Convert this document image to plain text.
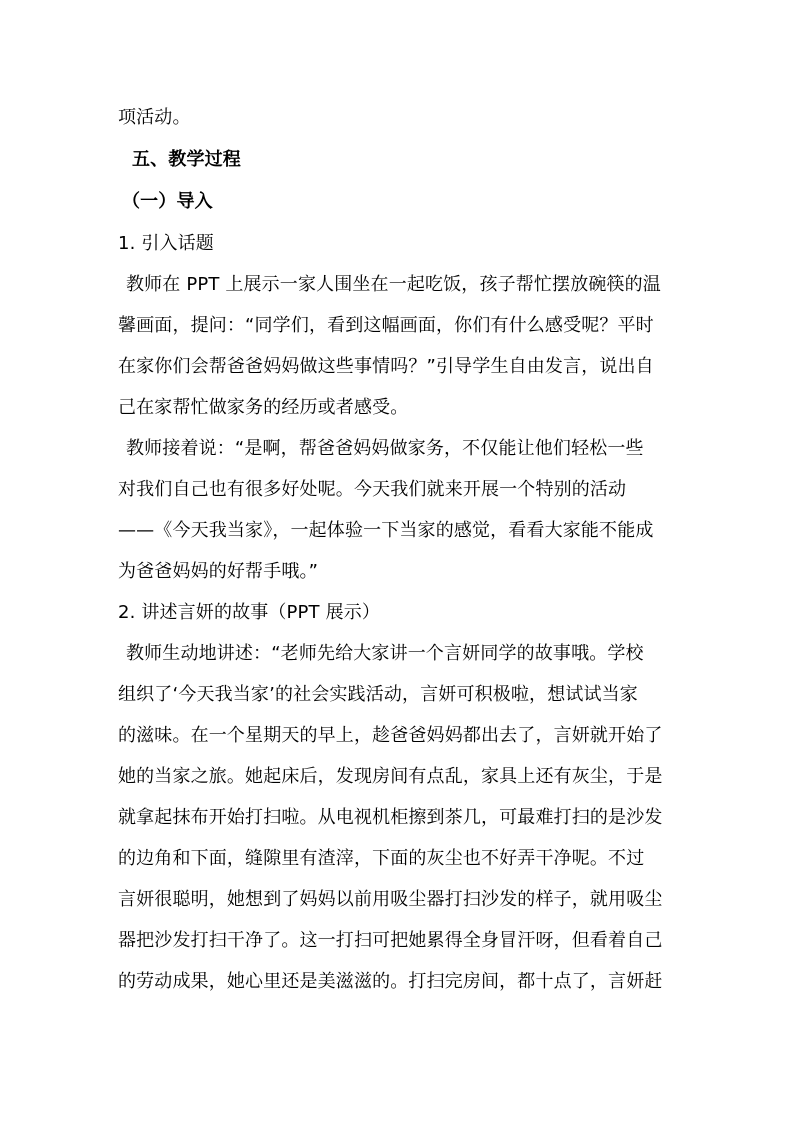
项活动。
五、教学过程
（一）导入
1. 引入话题
教师在 PPT 上展示一家人围坐在一起吃饭，孩子帮忙摆放碗筷的温
馨画面，提问：“同学们，看到这幅画面，你们有什么感受呢？平时
在家你们会帮爸爸妈妈做这些事情吗？”引导学生自由发言，说出自
己在家帮忙做家务的经历或者感受。
教师接着说：“是啊，帮爸爸妈妈做家务，不仅能让他们轻松一些
对我们自己也有很多好处呢。今天我们就来开展一个特别的活动
——《今天我当家》，一起体验一下当家的感觉，看看大家能不能成
为爸爸妈妈的好帮手哦。”
2. 讲述言妍的故事（PPT 展示）
教师生动地讲述：“老师先给大家讲一个言妍同学的故事哦。学校
组织了‘今天我当家’的社会实践活动，言妍可积极啦，想试试当家
的滋味。在一个星期天的早上，趁爸爸妈妈都出去了，言妍就开始了
她的当家之旅。她起床后，发现房间有点乱，家具上还有灰尘，于是
就拿起抹布开始打扫啦。从电视机柜擦到茶几，可最难打扫的是沙发
的边角和下面，缝隙里有渣滓，下面的灰尘也不好弄干净呢。不过
言妍很聪明，她想到了妈妈以前用吸尘器打扫沙发的样子，就用吸尘
器把沙发打扫干净了。这一打扫可把她累得全身冒汗呀，但看着自己
的劳动成果，她心里还是美滋滋的。打扫完房间，都十点了，言妍赶
